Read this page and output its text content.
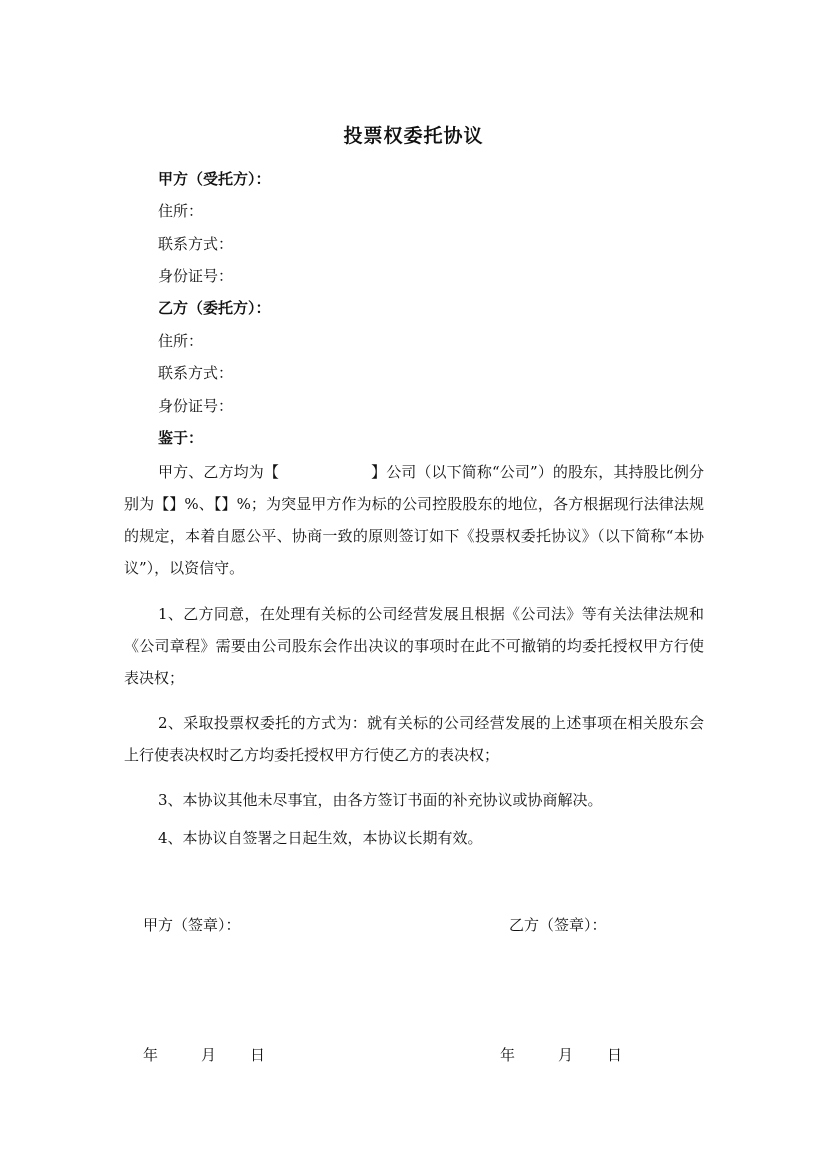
投票权委托协议
甲方（受托方）：
住所：
联系方式：
身份证号：
乙方（委托方）：
住所：
联系方式：
身份证号：
鉴于：
甲方、乙方均为【	】公司（以下简称“公司”）的股东，其持股比例分别为【】%、【】%；为突显甲方作为标的公司控股股东的地位，各方根据现行法律法规的规定，本着自愿公平、协商一致的原则签订如下《投票权委托协议》（以下简称“本协议”），以资信守。
1、乙方同意，在处理有关标的公司经营发展且根据《公司法》等有关法律法规和《公司章程》需要由公司股东会作出决议的事项时在此不可撤销的均委托授权甲方行使表决权；
2、采取投票权委托的方式为：就有关标的公司经营发展的上述事项在相关股东会上行使表决权时乙方均委托授权甲方行使乙方的表决权；
3、本协议其他未尽事宜，由各方签订书面的补充协议或协商解决。
4、本协议自签署之日起生效，本协议长期有效。
甲方（签章）：	乙方（签章）：
年	月 日	年	月 日
